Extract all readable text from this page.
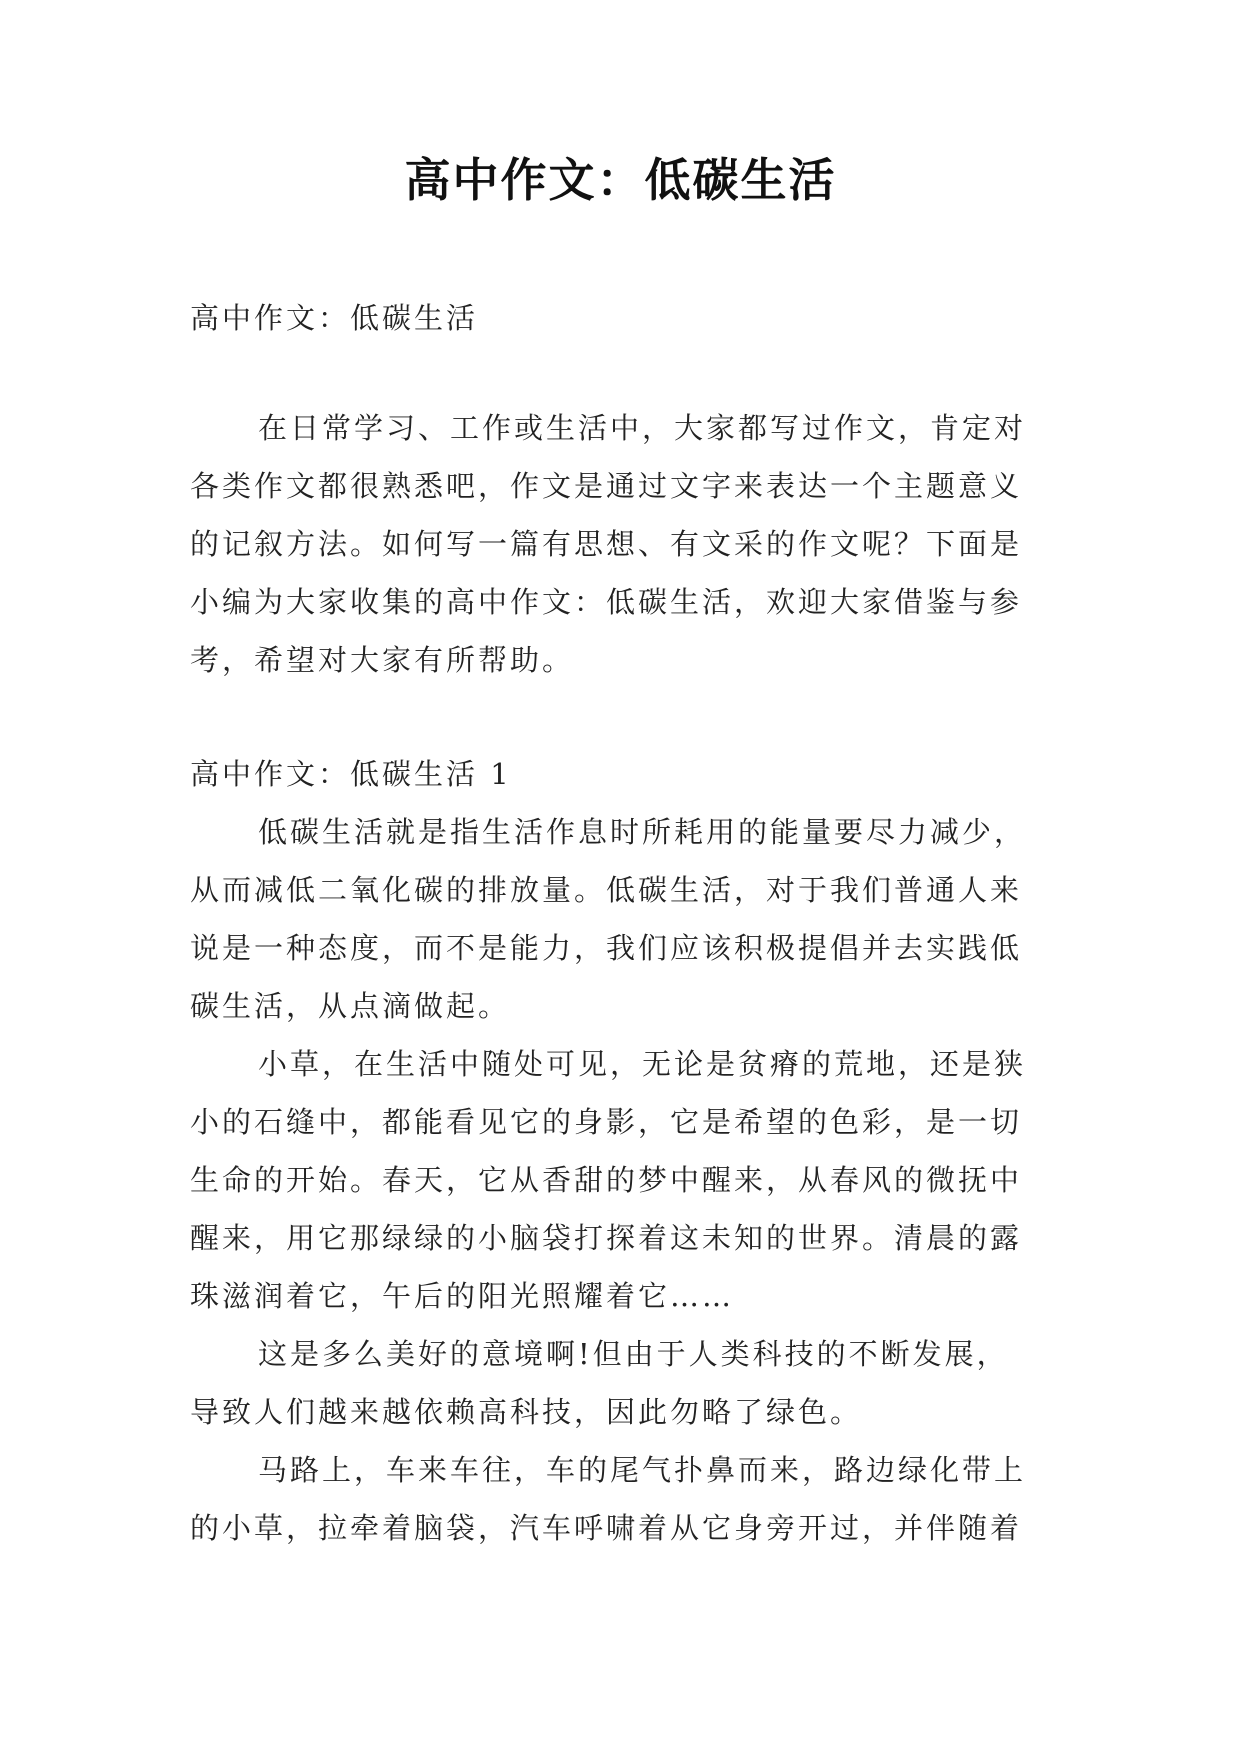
高中作文：低碳生活
高中作文：低碳生活
在日常学习、工作或生活中，大家都写过作文，肯定对
各类作文都很熟悉吧，作文是通过文字来表达一个主题意义
的记叙方法。如何写一篇有思想、有文采的作文呢？下面是
小编为大家收集的高中作文：低碳生活，欢迎大家借鉴与参
考，希望对大家有所帮助。
高中作文：低碳生活 1
低碳生活就是指生活作息时所耗用的能量要尽力减少，
从而减低二氧化碳的排放量。低碳生活，对于我们普通人来
说是一种态度，而不是能力，我们应该积极提倡并去实践低
碳生活，从点滴做起。
小草，在生活中随处可见，无论是贫瘠的荒地，还是狭
小的石缝中，都能看见它的身影，它是希望的色彩，是一切
生命的开始。春天，它从香甜的梦中醒来，从春风的微抚中
醒来，用它那绿绿的小脑袋打探着这未知的世界。清晨的露
珠滋润着它，午后的阳光照耀着它……
这是多么美好的意境啊!但由于人类科技的不断发展，
导致人们越来越依赖高科技，因此勿略了绿色。
马路上，车来车往，车的尾气扑鼻而来，路边绿化带上
的小草，拉牵着脑袋，汽车呼啸着从它身旁开过，并伴随着
